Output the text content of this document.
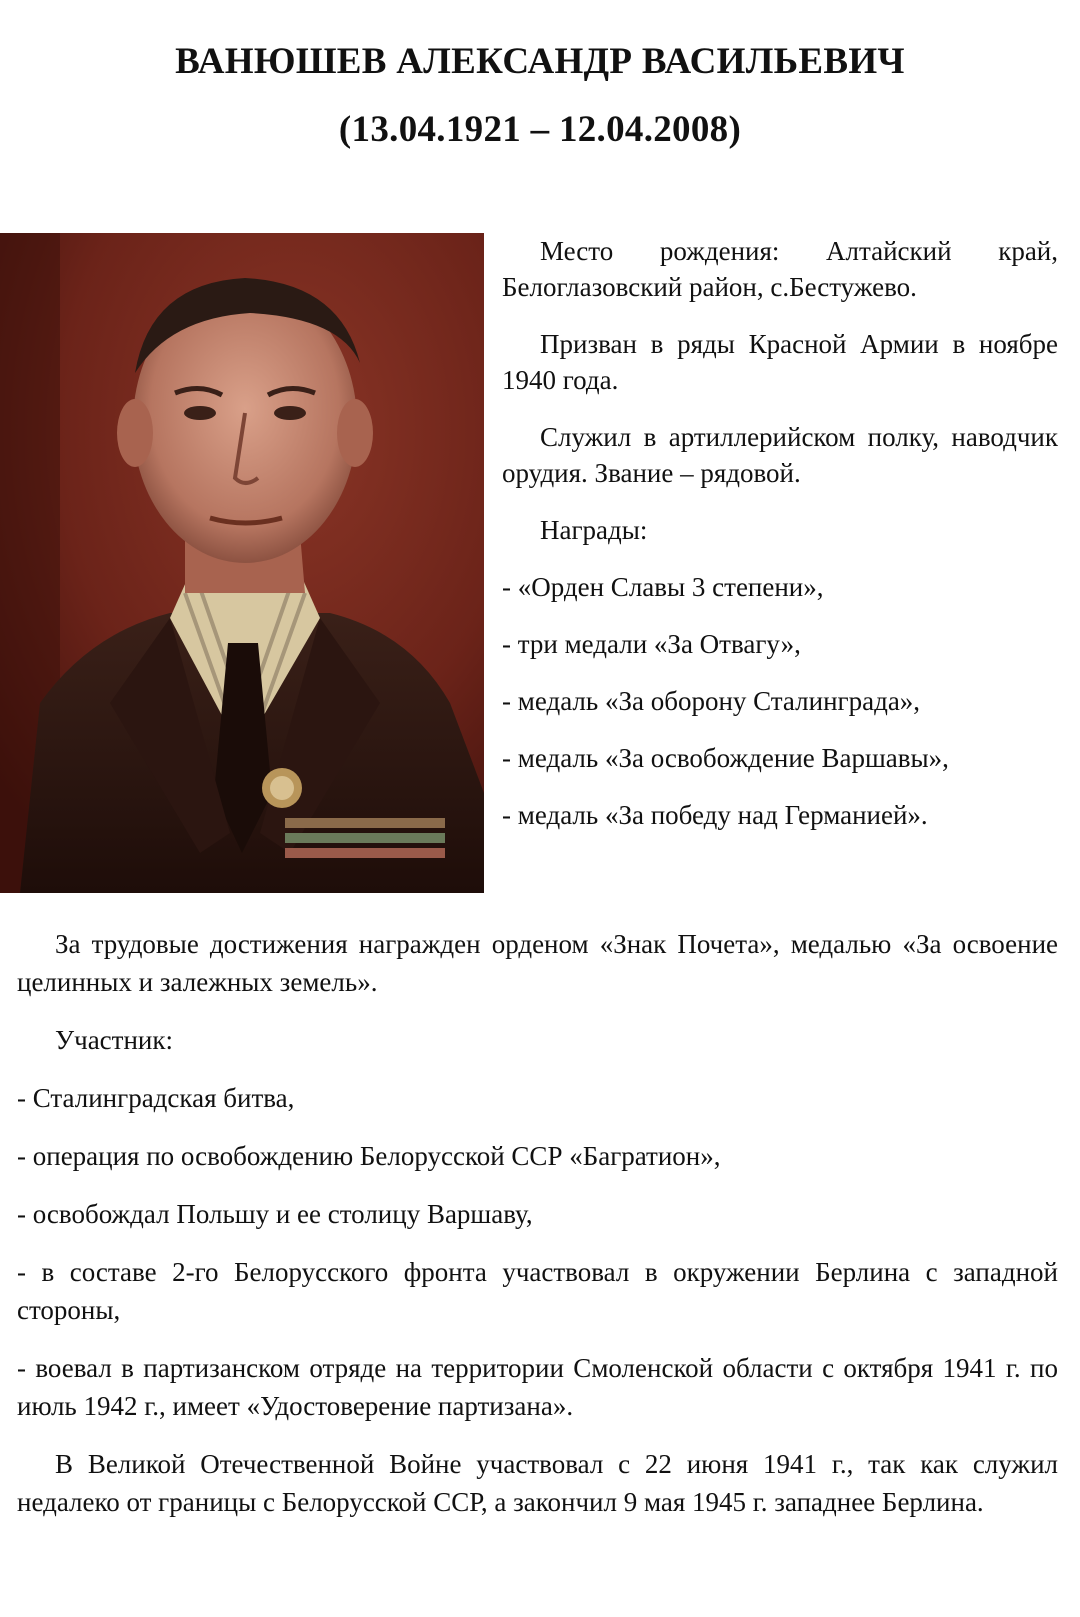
ВАНЮШЕВ АЛЕКСАНДР ВАСИЛЬЕВИЧ
(13.04.1921 – 12.04.2008)

Место рождения: Алтайский край, Белоглазовский район, с.Бестужево.

Призван в ряды Красной Армии в ноябре 1940 года.

Служил в артиллерийском полку, наводчик орудия. Звание – рядовой.

Награды:

- «Орден Славы 3 степени»,

- три медали «За Отвагу»,

- медаль «За оборону Сталинграда»,

- медаль «За освобождение Варшавы»,

- медаль «За победу над Германией».

За трудовые достижения награжден орденом «Знак Почета», медалью «За освоение целинных и залежных земель».

Участник:

- Сталинградская битва,

- операция по освобождению Белорусской ССР «Багратион»,

- освобождал Польшу и ее столицу Варшаву,

- в составе 2-го Белорусского фронта участвовал в окружении Берлина с западной стороны,

- воевал в партизанском отряде на территории Смоленской области с октября 1941 г. по июль 1942 г., имеет «Удостоверение партизана».

В Великой Отечественной Войне участвовал с 22 июня 1941 г., так как служил недалеко от границы с Белорусской ССР, а закончил 9 мая 1945 г. западнее Берлина.
